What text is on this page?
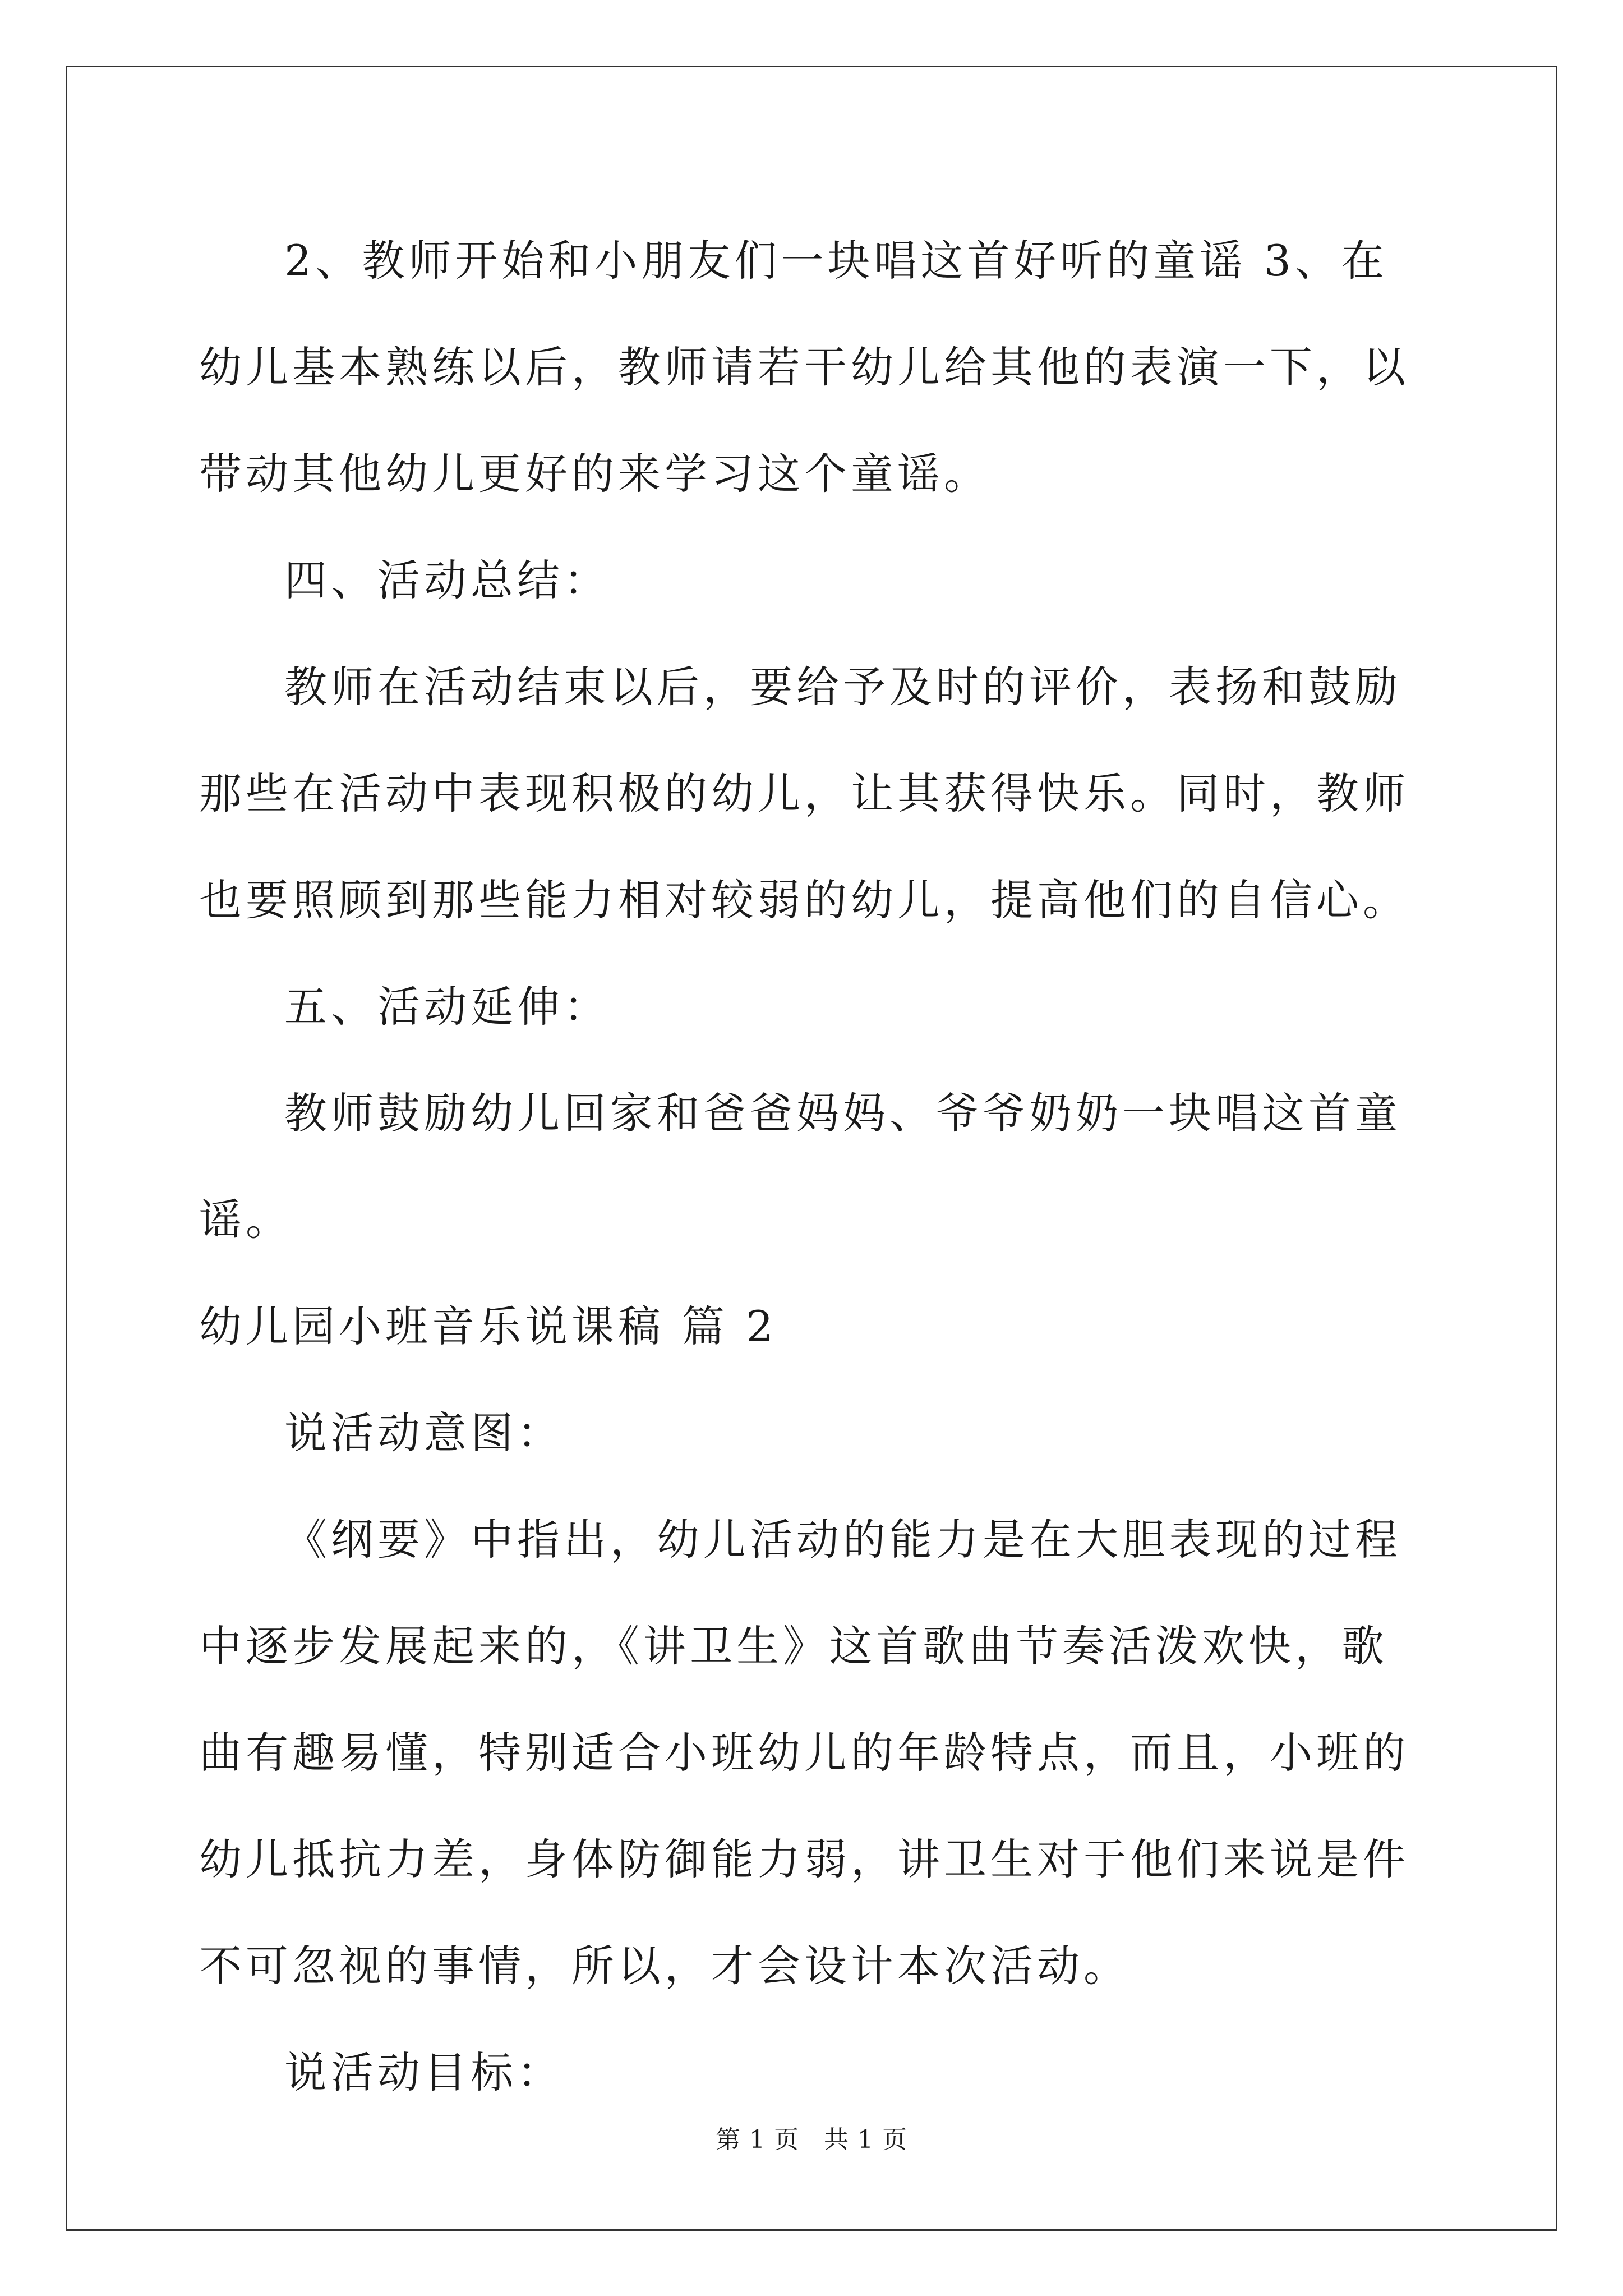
2、教师开始和小朋友们一块唱这首好听的童谣 3、在幼儿基本熟练以后，教师请若干幼儿给其他的表演一下，以带动其他幼儿更好的来学习这个童谣。

四、活动总结：

教师在活动结束以后，要给予及时的评价，表扬和鼓励那些在活动中表现积极的幼儿，让其获得快乐。同时，教师也要照顾到那些能力相对较弱的幼儿，提高他们的自信心。

五、活动延伸：

教师鼓励幼儿回家和爸爸妈妈、爷爷奶奶一块唱这首童谣。

幼儿园小班音乐说课稿 篇 2

说活动意图：

《纲要》中指出，幼儿活动的能力是在大胆表现的过程中逐步发展起来的，《讲卫生》这首歌曲节奏活泼欢快，歌曲有趣易懂，特别适合小班幼儿的年龄特点，而且，小班的幼儿抵抗力差，身体防御能力弱，讲卫生对于他们来说是件不可忽视的事情，所以，才会设计本次活动。

说活动目标：

第 1 页 共 1 页
